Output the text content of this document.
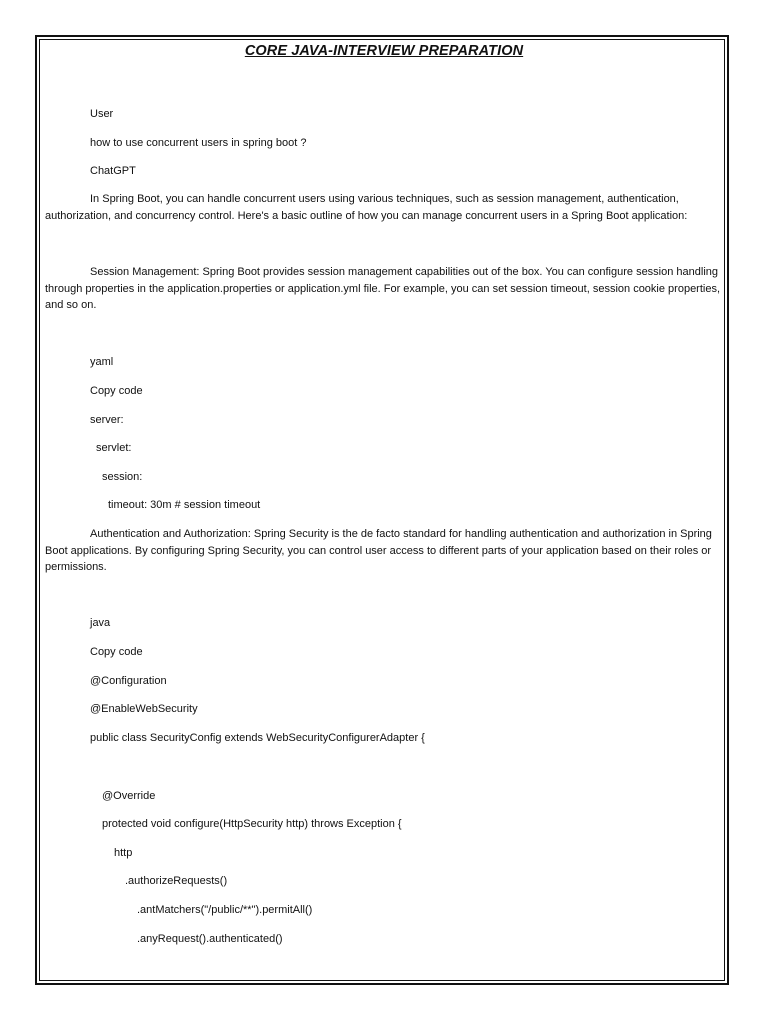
CORE JAVA-INTERVIEW PREPARATION
User
how to use concurrent users in spring boot ?
ChatGPT
In Spring Boot, you can handle concurrent users using various techniques, such as session management, authentication, authorization, and concurrency control. Here's a basic outline of how you can manage concurrent users in a Spring Boot application:
Session Management: Spring Boot provides session management capabilities out of the box. You can configure session handling through properties in the application.properties or application.yml file. For example, you can set session timeout, session cookie properties, and so on.
yaml
Copy code
server:
servlet:
session:
timeout: 30m # session timeout
Authentication and Authorization: Spring Security is the de facto standard for handling authentication and authorization in Spring Boot applications. By configuring Spring Security, you can control user access to different parts of your application based on their roles or permissions.
java
Copy code
@Configuration
@EnableWebSecurity
public class SecurityConfig extends WebSecurityConfigurerAdapter {
@Override
protected void configure(HttpSecurity http) throws Exception {
http
.authorizeRequests()
.antMatchers("/public/**").permitAll()
.anyRequest().authenticated()
